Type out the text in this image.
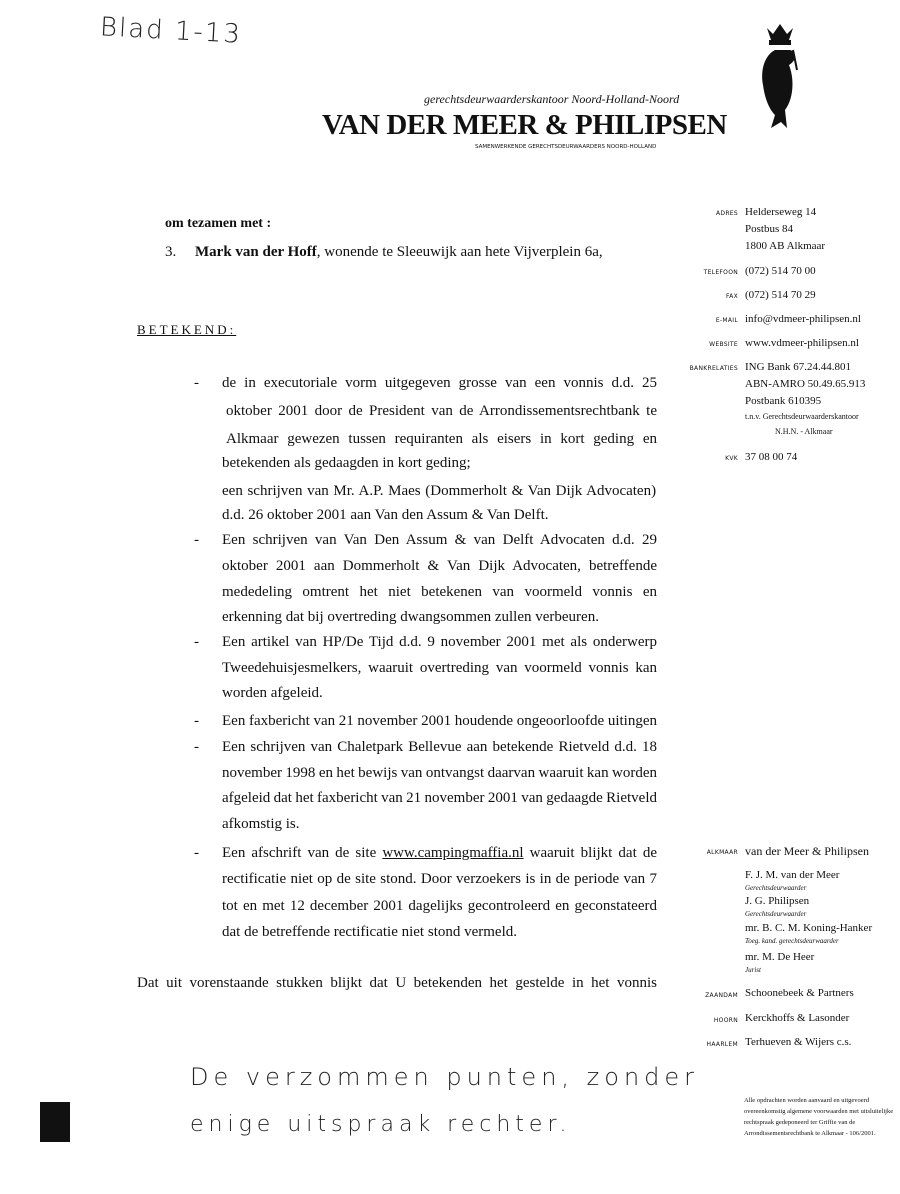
Blad 1-13
De verzommen punten, zonder
enige uitspraak rechter.
gerechtsdeurwaarderskantoor Noord-Holland-Noord
VAN DER MEER & PHILIPSEN
SAMENWERKENDE GERECHTSDEURWAARDERS NOORD-HOLLAND
ADRES Helderseweg 14
Postbus 84
1800 AB Alkmaar
TELEFOON (072) 514 70 00
FAX (072) 514 70 29
E-MAIL info@vdmeer-philipsen.nl
WEBSITE www.vdmeer-philipsen.nl
BANKRELATIES ING Bank 67.24.44.801
ABN-AMRO 50.49.65.913
Postbank 610395
t.n.v. Gerechtsdeurwaarderskantoor
N.H.N. - Alkmaar
KVK 37 08 00 74
ALKMAAR van der Meer & Philipsen
F. J. M. van der Meer
Gerechtsdeurwaarder
J. G. Philipsen
Gerechtsdeurwaarder
mr. B. C. M. Koning-Hanker
Toeg. kand. gerechtsdeurwaarder
mr. M. De Heer
Jurist
ZAANDAM Schoonebeek & Partners
HOORN Kerckhoffs & Lasonder
HAARLEM Terhueven & Wijers c.s.
Alle opdrachten worden aanvaard en uitgevoerd overeenkomstig algemene voorwaarden met uitsluitelijke rechtspraak gedeponeerd ter Griffie van de Arrondissementsrechtbank te Alkmaar - 106/2001.
om tezamen met :
3. Mark van der Hoff, wonende te Sleeuwijk aan hete Vijverplein 6a,
BETEKEND:
- de in executoriale vorm uitgegeven grosse van een vonnis d.d. 25
oktober 2001 door de President van de Arrondissementsrechtbank te
Alkmaar gewezen tussen requiranten als eisers in kort geding en
betekenden als gedaagden in kort geding;
een schrijven van Mr. A.P. Maes (Dommerholt & Van Dijk Advocaten)
d.d. 26 oktober 2001 aan Van den Assum & Van Delft.
- Een schrijven van Van Den Assum & van Delft Advocaten d.d. 29
oktober 2001 aan Dommerholt & Van Dijk Advocaten, betreffende
mededeling omtrent het niet betekenen van voormeld vonnis en
erkenning dat bij overtreding dwangsommen zullen verbeuren.
- Een artikel van HP/De Tijd d.d. 9 november 2001 met als onderwerp
Tweedehuisjesmelkers, waaruit overtreding van voormeld vonnis kan
worden afgeleid.
- Een faxbericht van 21 november 2001 houdende ongeoorloofde uitingen
- Een schrijven van Chaletpark Bellevue aan betekende Rietveld d.d. 18
november 1998 en het bewijs van ontvangst daarvan waaruit kan worden
afgeleid dat het faxbericht van 21 november 2001 van gedaagde Rietveld
afkomstig is.
- Een afschrift van de site www.campingmaffia.nl waaruit blijkt dat de
rectificatie niet op de site stond. Door verzoekers is in de periode van 7
tot en met 12 december 2001 dagelijks gecontroleerd en geconstateerd
dat de betreffende rectificatie niet stond vermeld.
Dat uit vorenstaande stukken blijkt dat U betekenden het gestelde in het vonnis
